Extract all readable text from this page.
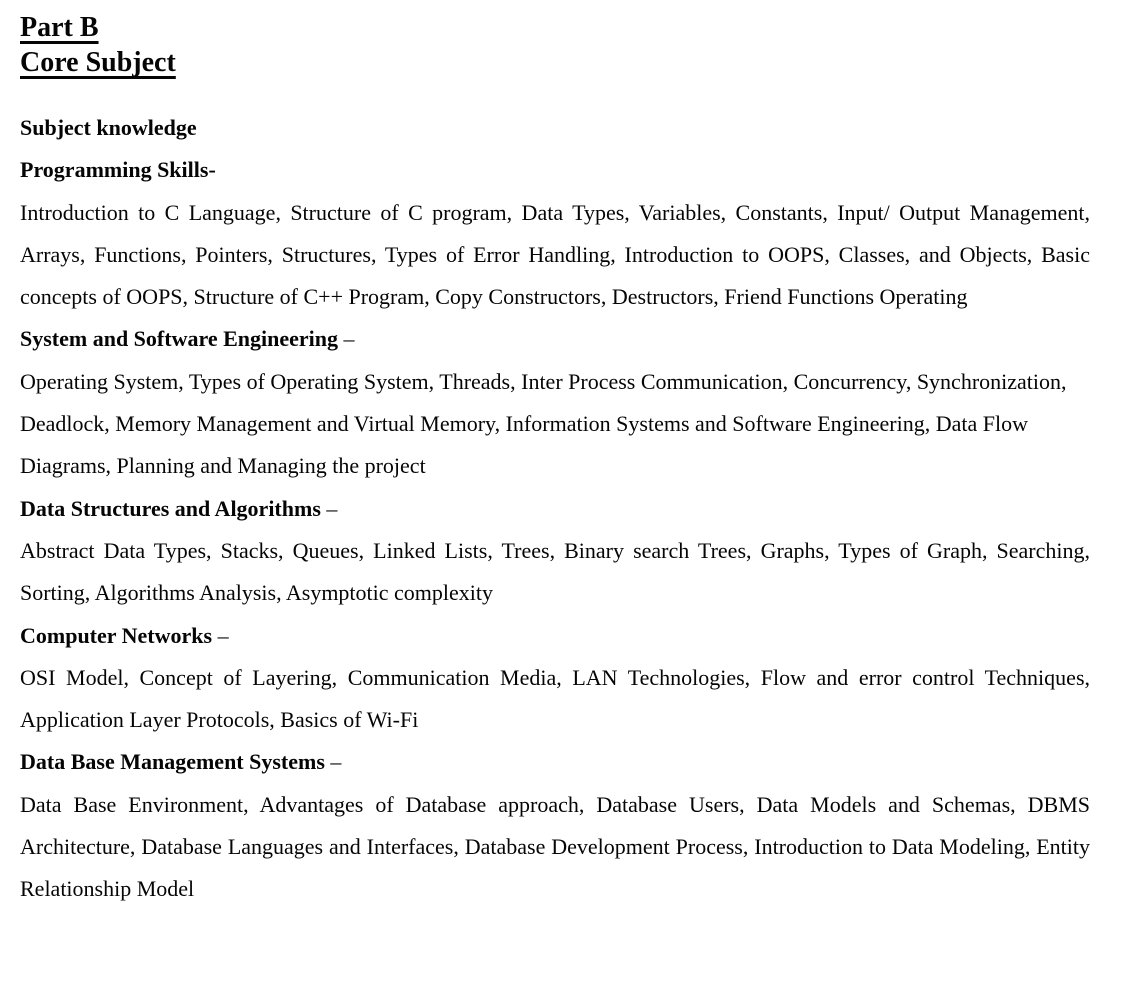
Part B
Core Subject
Subject knowledge

Programming Skills-

Introduction to C Language, Structure of C program, Data Types, Variables, Constants, Input/ Output Management, Arrays, Functions, Pointers, Structures, Types of Error Handling, Introduction to OOPS, Classes, and Objects, Basic concepts of OOPS, Structure of C++ Program, Copy Constructors, Destructors, Friend Functions Operating

System and Software Engineering –

Operating System, Types of Operating System, Threads, Inter Process Communication, Concurrency, Synchronization, Deadlock, Memory Management and Virtual Memory, Information Systems and Software Engineering, Data Flow Diagrams, Planning and Managing the project

Data Structures and Algorithms –

Abstract Data Types, Stacks, Queues, Linked Lists, Trees, Binary search Trees, Graphs, Types of Graph, Searching, Sorting, Algorithms Analysis, Asymptotic complexity

Computer Networks –

OSI Model, Concept of Layering, Communication Media, LAN Technologies, Flow and error control Techniques, Application Layer Protocols, Basics of Wi-Fi

Data Base Management Systems –

Data Base Environment, Advantages of Database approach, Database Users, Data Models and Schemas, DBMS Architecture, Database Languages and Interfaces, Database Development Process, Introduction to Data Modeling, Entity Relationship Model
